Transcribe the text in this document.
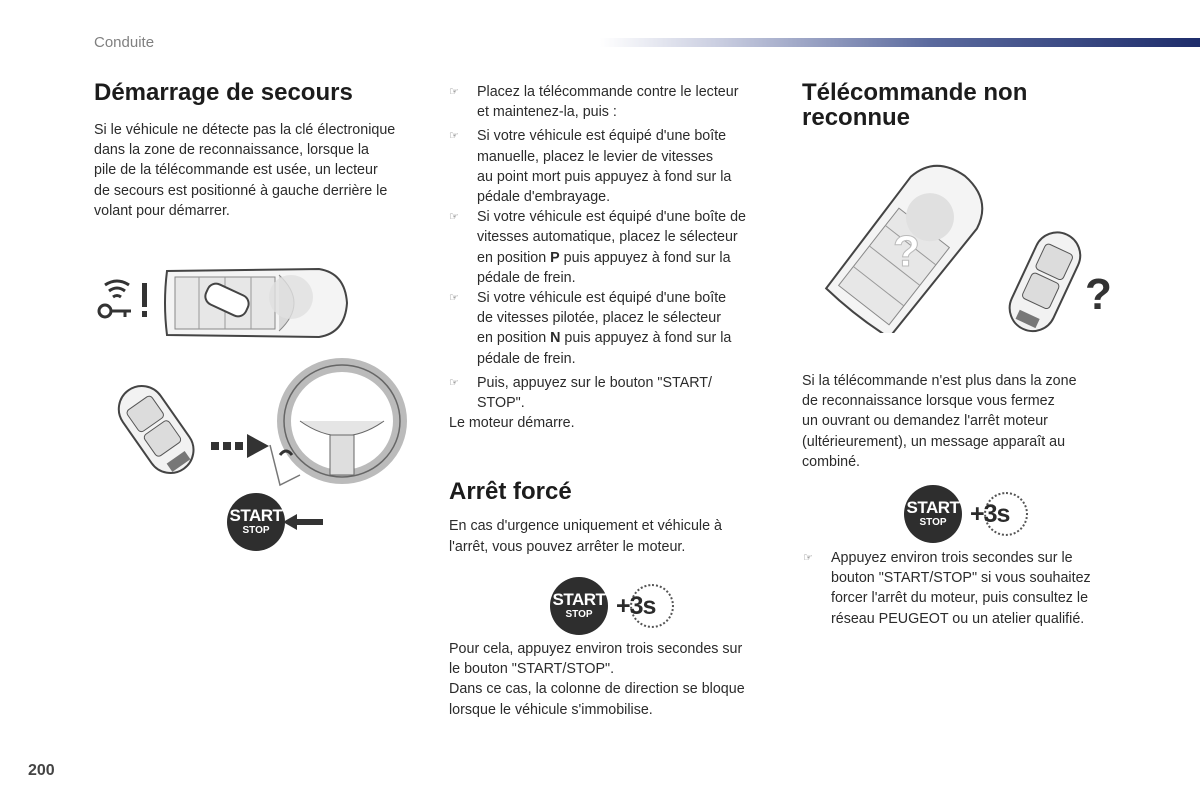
Conduite
Démarrage de secours
Si le véhicule ne détecte pas la clé électronique
dans la zone de reconnaissance, lorsque la
pile de la télécommande est usée, un lecteur
de secours est positionné à gauche derrière le
volant pour démarrer.
START
STOP
☞ Placez la télécommande contre le lecteur
et maintenez-la, puis :
☞ Si votre véhicule est équipé d'une boîte
manuelle, placez le levier de vitesses
au point mort puis appuyez à fond sur la
pédale d'embrayage.
☞ Si votre véhicule est équipé d'une boîte de
vitesses automatique, placez le sélecteur
en position P puis appuyez à fond sur la
pédale de frein.
☞ Si votre véhicule est équipé d'une boîte
de vitesses pilotée, placez le sélecteur
en position N puis appuyez à fond sur la
pédale de frein.
☞ Puis, appuyez sur le bouton "START/
STOP".
Le moteur démarre.
Arrêt forcé
En cas d'urgence uniquement et véhicule à
l'arrêt, vous pouvez arrêter le moteur.
START
STOP +3s
Pour cela, appuyez environ trois secondes sur
le bouton "START/STOP".
Dans ce cas, la colonne de direction se bloque
lorsque le véhicule s'immobilise.
Télécommande non
reconnue
?
?
Si la télécommande n'est plus dans la zone
de reconnaissance lorsque vous fermez
un ouvrant ou demandez l'arrêt moteur
(ultérieurement), un message apparaît au
combiné.
START
STOP +3s
☞ Appuyez environ trois secondes sur le
bouton "START/STOP" si vous souhaitez
forcer l'arrêt du moteur, puis consultez le
réseau PEUGEOT ou un atelier qualifié.
200
